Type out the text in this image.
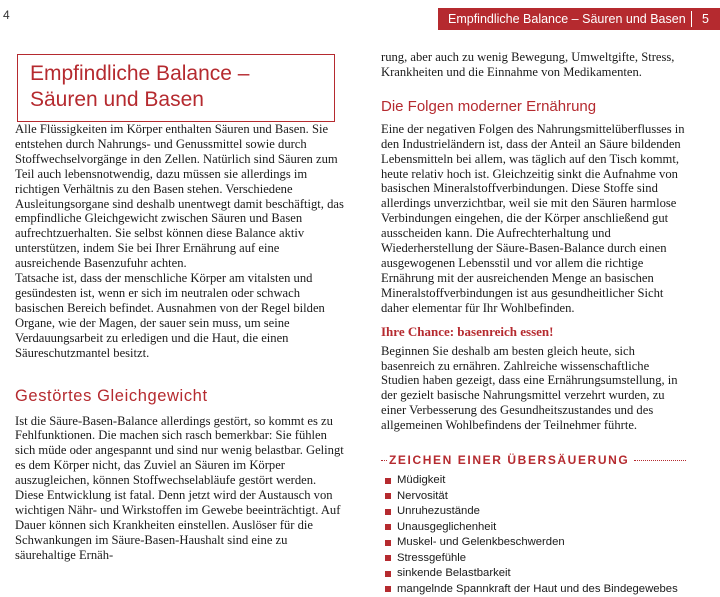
4	Empfindliche Balance – Säuren und Basen 5
Empfindliche Balance – Säuren und Basen

Alle Flüssigkeiten im Körper enthalten Säuren und Basen. Sie entstehen durch Nahrungs- und Genussmittel sowie durch Stoffwechselvorgänge in den Zellen. Natürlich sind Säuren zum Teil auch lebensnotwendig, dazu müssen sie allerdings im richtigen Verhältnis zu den Basen stehen. Verschiedene Ausleitungsorgane sind deshalb unentwegt damit beschäftigt, das empfindliche Gleichgewicht zwischen Säuren und Basen aufrechtzuerhalten. Sie selbst können diese Balance aktiv unterstützen, indem Sie bei Ihrer Ernährung auf eine ausreichende Basenzufuhr achten.

Tatsache ist, dass der menschliche Körper am vitalsten und gesündesten ist, wenn er sich im neutralen oder schwach basischen Bereich befindet. Ausnahmen von der Regel bilden Organe, wie der Magen, der sauer sein muss, um seine Verdauungsarbeit zu erledigen und die Haut, die einen Säureschutzmantel besitzt.

Gestörtes Gleichgewicht

Ist die Säure-Basen-Balance allerdings gestört, so kommt es zu Fehlfunktionen. Die machen sich rasch bemerkbar: Sie fühlen sich müde oder angespannt und sind nur wenig belastbar. Gelingt es dem Körper nicht, das Zuviel an Säuren im Körper auszugleichen, können Stoffwechselabläufe gestört werden. Diese Entwicklung ist fatal. Denn jetzt wird der Austausch von wichtigen Nähr- und Wirkstoffen im Gewebe beeinträchtigt. Auf Dauer können sich Krankheiten einstellen. Auslöser für die Schwankungen im Säure-Basen-Haushalt sind eine zu säurehaltige Ernäh-

rung, aber auch zu wenig Bewegung, Umweltgifte, Stress, Krankheiten und die Einnahme von Medikamenten.

Die Folgen moderner Ernährung

Eine der negativen Folgen des Nahrungsmittelüberflusses in den Industrieländern ist, dass der Anteil an Säure bildenden Lebensmitteln bei allem, was täglich auf den Tisch kommt, heute relativ hoch ist. Gleichzeitig sinkt die Aufnahme von basischen Mineralstoffverbindungen. Diese Stoffe sind allerdings unverzichtbar, weil sie mit den Säuren harmlose Verbindungen eingehen, die der Körper anschließend gut ausscheiden kann. Die Aufrechterhaltung und Wiederherstellung der Säure-Basen-Balance durch einen ausgewogenen Lebensstil und vor allem die richtige Ernährung mit der ausreichenden Menge an basischen Mineralstoffverbindungen ist aus gesundheitlicher Sicht daher elementar für Ihr Wohlbefinden.

Ihre Chance: basenreich essen!

Beginnen Sie deshalb am besten gleich heute, sich basenreich zu ernähren. Zahlreiche wissenschaftliche Studien haben gezeigt, dass eine Ernährungsumstellung, in der gezielt basische Nahrungsmittel verzehrt wurden, zu einer Verbesserung des Gesundheitszustandes und des allgemeinen Wohlbefindens der Teilnehmer führte.

ZEICHEN EINER ÜBERSÄUERUNG
Müdigkeit
Nervosität
Unruhezustände
Unausgeglichenheit
Muskel- und Gelenkbeschwerden
Stressgefühle
sinkende Belastbarkeit
mangelnde Spannkraft der Haut und des Bindegewebes
